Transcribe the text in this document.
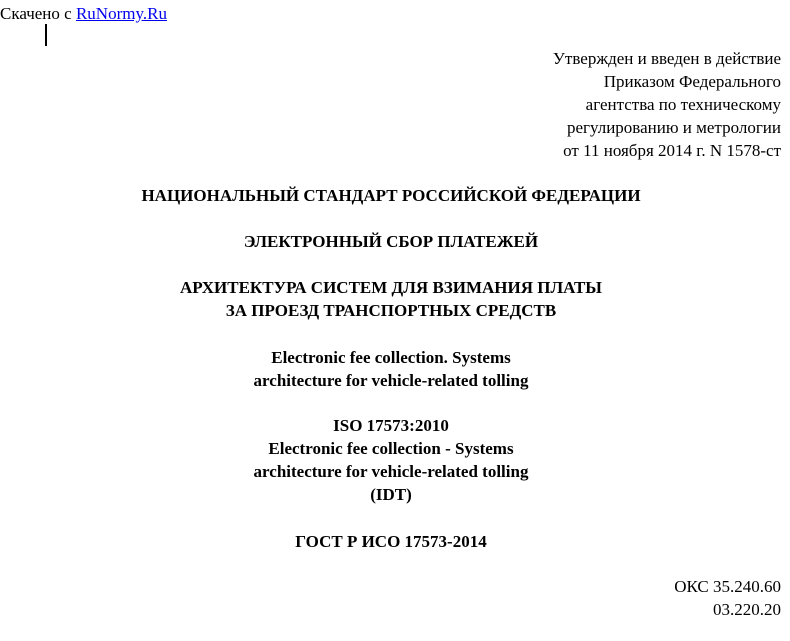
Скачено с RuNormy.Ru
Утвержден и введен в действие
Приказом Федерального
агентства по техническому
регулированию и метрологии
от 11 ноября 2014 г. N 1578-ст
НАЦИОНАЛЬНЫЙ СТАНДАРТ РОССИЙСКОЙ ФЕДЕРАЦИИ
ЭЛЕКТРОННЫЙ СБОР ПЛАТЕЖЕЙ
АРХИТЕКТУРА СИСТЕМ ДЛЯ ВЗИМАНИЯ ПЛАТЫ
ЗА ПРОЕЗД ТРАНСПОРТНЫХ СРЕДСТВ
Electronic fee collection. Systems
architecture for vehicle-related tolling
ISO 17573:2010
Electronic fee collection - Systems
architecture for vehicle-related tolling
(IDT)
ГОСТ Р ИСО 17573-2014
ОКС 35.240.60
03.220.20
